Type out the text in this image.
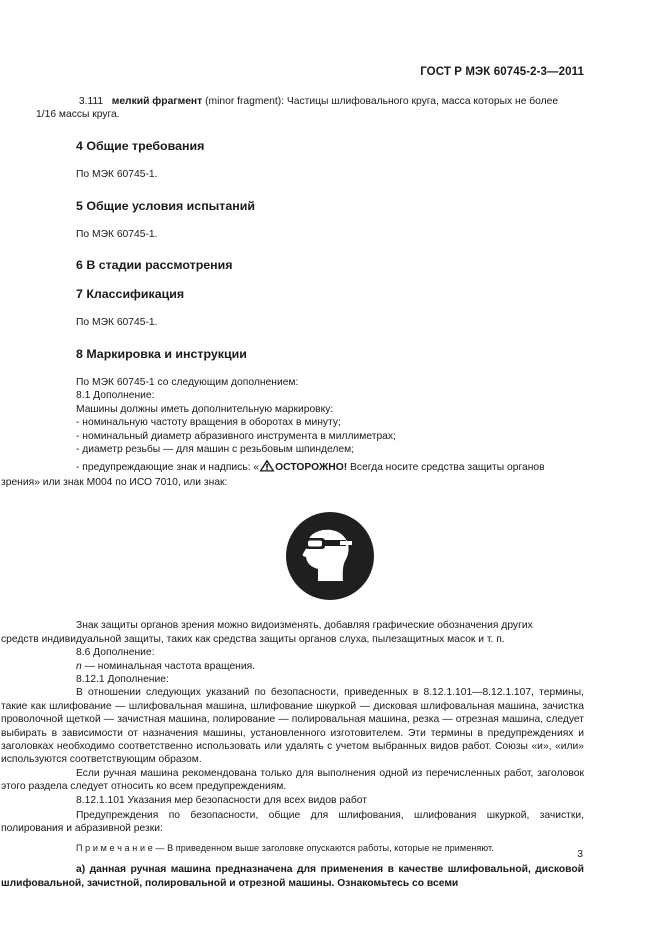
ГОСТ Р МЭК 60745-2-3—2011

3.111 мелкий фрагмент (minor fragment): Частицы шлифовального круга, масса которых не более

1/16 массы круга.

4 Общие требования

По МЭК 60745-1.

5 Общие условия испытаний

По МЭК 60745-1.

6 В стадии рассмотрения
7 Классификация

По МЭК 60745-1.

8 Маркировка и инструкции

По МЭК 60745-1 со следующим дополнением:

8.1 Дополнение:

Машины должны иметь дополнительную маркировку:

- номинальную частоту вращения в оборотах в минуту;

- номинальный диаметр абразивного инструмента в миллиметрах;

- диаметр резьбы — для машин с резьбовым шпинделем;

- предупреждающие знак и надпись: « ОСТОРОЖНО! Всегда носите средства защиты органов

зрения» или знак М004 по ИСО 7010, или знак:

Знак защиты органов зрения можно видоизменять, добавляя графические обозначения других

средств индивидуальной защиты, таких как средства защиты органов слуха, пылезащитных масок и т. п.

8.6 Дополнение:

n — номинальная частота вращения.

8.12.1 Дополнение:

В отношении следующих указаний по безопасности, приведенных в 8.12.1.101—8.12.1.107, термины, такие как шлифование — шлифовальная машина, шлифование шкуркой — дисковая шлифовальная машина, зачистка проволочной щеткой — зачистная машина, полирование — полировальная машина, резка — отрезная машина, следует выбирать в зависимости от назначения машины, установленного изготовителем. Эти термины в предупреждениях и заголовках необходимо соответственно использовать или удалять с учетом выбранных видов работ. Союзы «и», «или» используются соответствующим образом.

Если ручная машина рекомендована только для выполнения одной из перечисленных работ, заголовок этого раздела следует относить ко всем предупреждениям.

8.12.1.101 Указания мер безопасности для всех видов работ

Предупреждения по безопасности, общие для шлифования, шлифования шкуркой, зачистки, полирования и абразивной резки:

П р и м е ч а н и е — В приведенном выше заголовке опускаются работы, которые не применяют.

а) данная ручная машина предназначена для применения в качестве шлифовальной, дисковой шлифовальной, зачистной, полировальной и отрезной машины. Ознакомьтесь со всеми

3
